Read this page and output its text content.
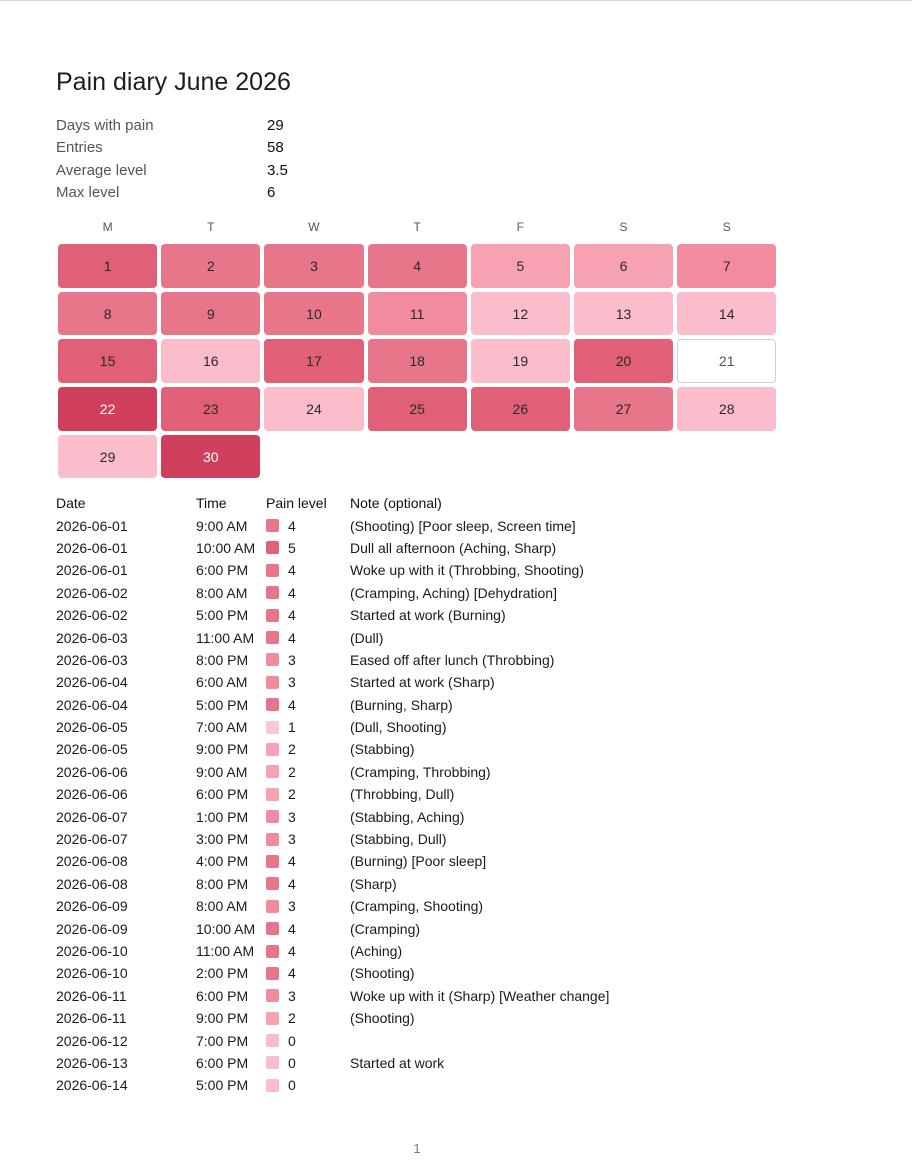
Pain diary June 2026
Days with pain	29
Entries	58
Average level	3.5
Max level	6
M	T	W	T	F	S	S
1	2	3	4	5	6	7
8	9	10	11	12	13	14
15	16	17	18	19	20	21
22	23	24	25	26	27	28
29	30
Date	Time	Pain level	Note (optional)
2026-06-01	9:00 AM	4	(Shooting) [Poor sleep, Screen time]
2026-06-01	10:00 AM	5	Dull all afternoon (Aching, Sharp)
2026-06-01	6:00 PM	4	Woke up with it (Throbbing, Shooting)
2026-06-02	8:00 AM	4	(Cramping, Aching) [Dehydration]
2026-06-02	5:00 PM	4	Started at work (Burning)
2026-06-03	11:00 AM	4	(Dull)
2026-06-03	8:00 PM	3	Eased off after lunch (Throbbing)
2026-06-04	6:00 AM	3	Started at work (Sharp)
2026-06-04	5:00 PM	4	(Burning, Sharp)
2026-06-05	7:00 AM	1	(Dull, Shooting)
2026-06-05	9:00 PM	2	(Stabbing)
2026-06-06	9:00 AM	2	(Cramping, Throbbing)
2026-06-06	6:00 PM	2	(Throbbing, Dull)
2026-06-07	1:00 PM	3	(Stabbing, Aching)
2026-06-07	3:00 PM	3	(Stabbing, Dull)
2026-06-08	4:00 PM	4	(Burning) [Poor sleep]
2026-06-08	8:00 PM	4	(Sharp)
2026-06-09	8:00 AM	3	(Cramping, Shooting)
2026-06-09	10:00 AM	4	(Cramping)
2026-06-10	11:00 AM	4	(Aching)
2026-06-10	2:00 PM	4	(Shooting)
2026-06-11	6:00 PM	3	Woke up with it (Sharp) [Weather change]
2026-06-11	9:00 PM	2	(Shooting)
2026-06-12	7:00 PM	0
2026-06-13	6:00 PM	0	Started at work
2026-06-14	5:00 PM	0
1
